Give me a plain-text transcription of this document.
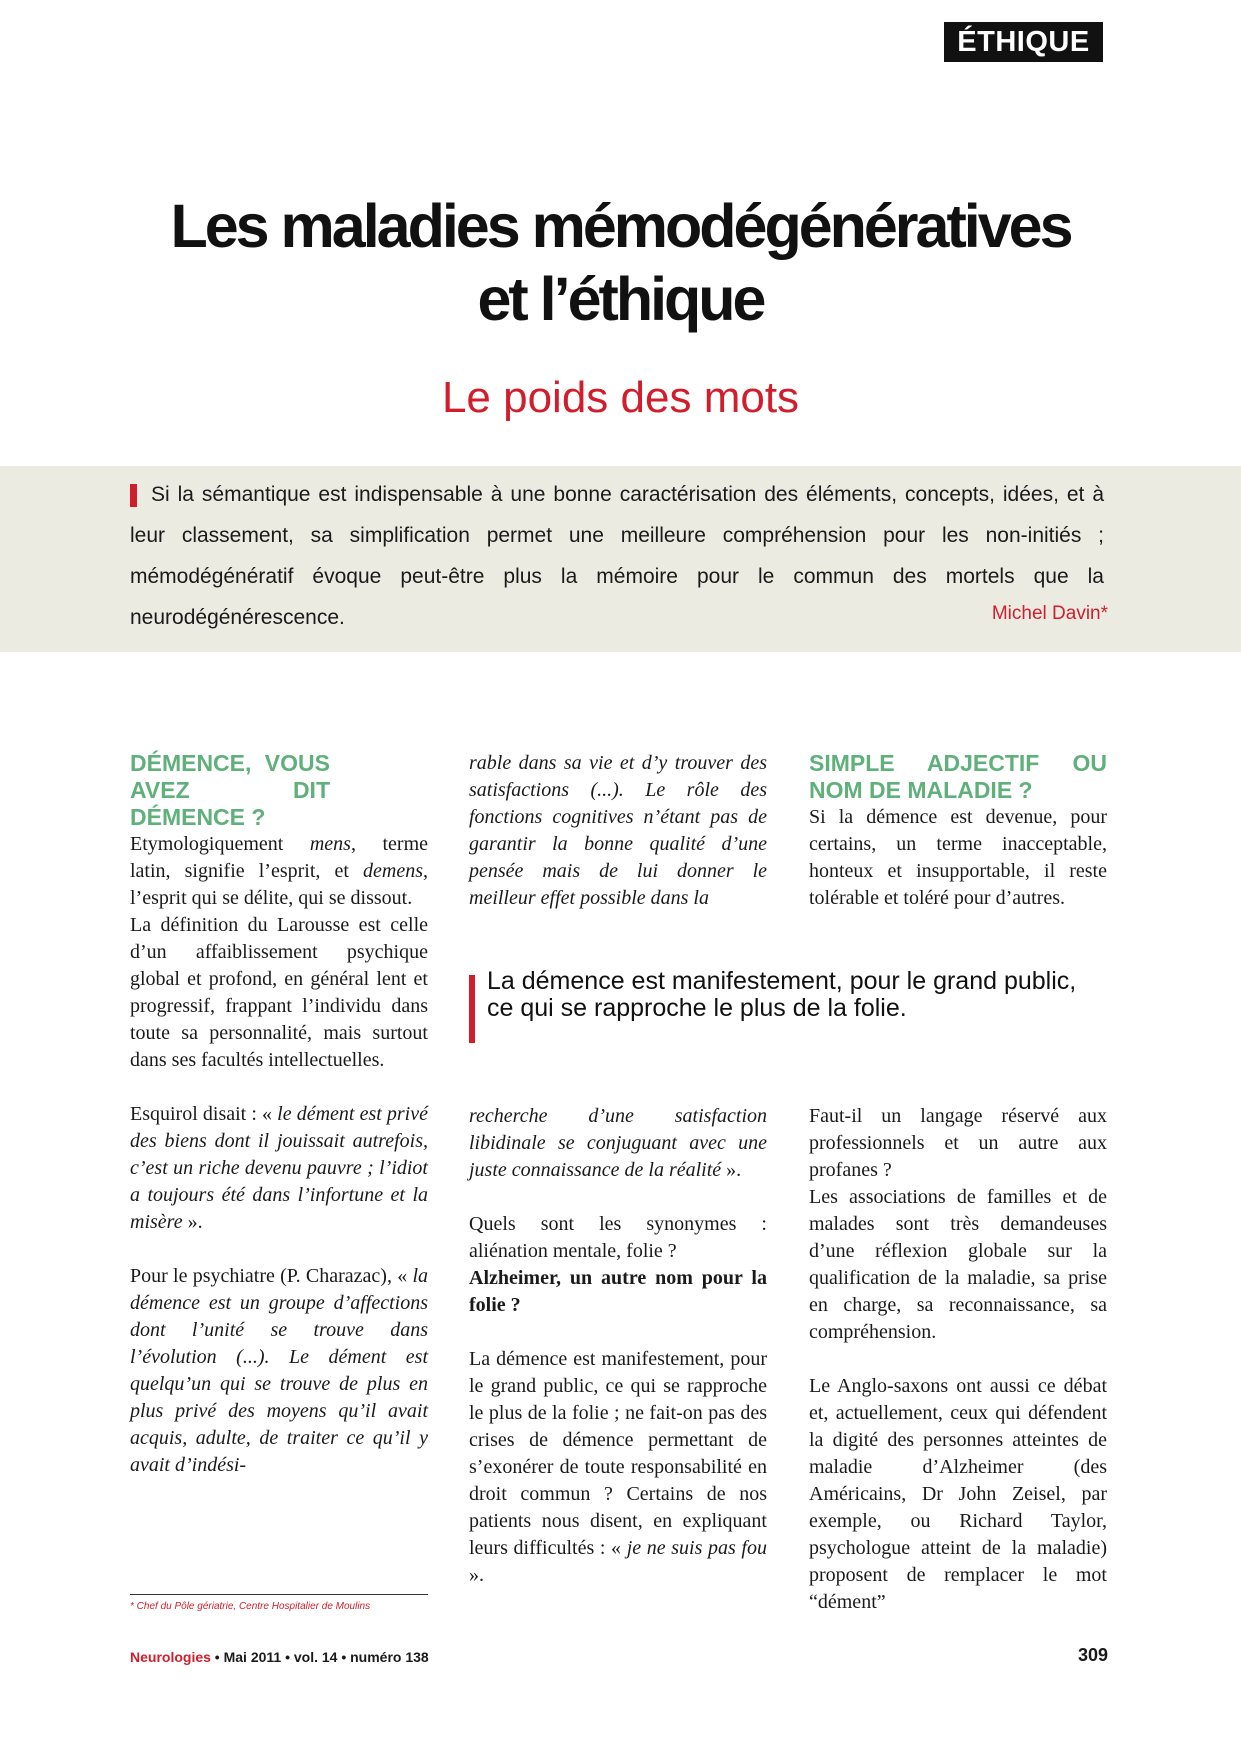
ÉTHIQUE
Les maladies mémodégénératives
et l’éthique
Le poids des mots

Si la sémantique est indispensable à une bonne caractérisation des éléments, concepts, idées, et à leur classement, sa simplification permet une meilleure compréhension pour les non-initiés ; mémodégénératif évoque peut-être plus la mémoire pour le commun des mortels que la neurodégénérescence.	Michel Davin*

DÉMENCE, VOUS AVEZ DIT DÉMENCE ?

Etymologiquement mens, terme latin, signifie l’esprit, et demens, l’esprit qui se délite, qui se dissout.

La définition du Larousse est celle d’un affaiblissement psychique global et profond, en général lent et progressif, frappant l’individu dans toute sa personnalité, mais surtout dans ses facultés intellectuelles.

Esquirol disait : « le dément est privé des biens dont il jouissait autrefois, c’est un riche devenu pauvre ; l’idiot a toujours été dans l’infortune et la misère ».

Pour le psychiatre (P. Charazac), « la démence est un groupe d’affections dont l’unité se trouve dans l’évolution (...). Le dément est quelqu’un qui se trouve de plus en plus privé des moyens qu’il avait acquis, adulte, de traiter ce qu’il y avait d’indési-

rable dans sa vie et d’y trouver des satisfactions (...). Le rôle des fonctions cognitives n’étant pas de garantir la bonne qualité d’une pensée mais de lui donner le meilleur effet possible dans la

SIMPLE ADJECTIF OU NOM DE MALADIE ?

Si la démence est devenue, pour certains, un terme inacceptable, honteux et insupportable, il reste tolérable et toléré pour d’autres.

La démence est manifestement, pour le grand public, ce qui se rapproche le plus de la folie.

recherche d’une satisfaction libidinale se conjuguant avec une juste connaissance de la réalité ».

Quels sont les synonymes : aliénation mentale, folie ?

Alzheimer, un autre nom pour la folie ?

La démence est manifestement, pour le grand public, ce qui se rapproche le plus de la folie ; ne fait-on pas des crises de démence permettant de s’exonérer de toute responsabilité en droit commun ? Certains de nos patients nous disent, en expliquant leurs difficultés : « je ne suis pas fou ».

Faut-il un langage réservé aux professionnels et un autre aux profanes ?

Les associations de familles et de malades sont très demandeuses d’une réflexion globale sur la qualification de la maladie, sa prise en charge, sa reconnaissance, sa compréhension.

Le Anglo-saxons ont aussi ce débat et, actuellement, ceux qui défendent la digité des personnes atteintes de maladie d’Alzheimer (des Américains, Dr John Zeisel, par exemple, ou Richard Taylor, psychologue atteint de la maladie) proposent de remplacer le mot “dément”

* Chef du Pôle gériatrie, Centre Hospitalier de Moulins
Neurologies • Mai 2011 • vol. 14 • numéro 138	309
